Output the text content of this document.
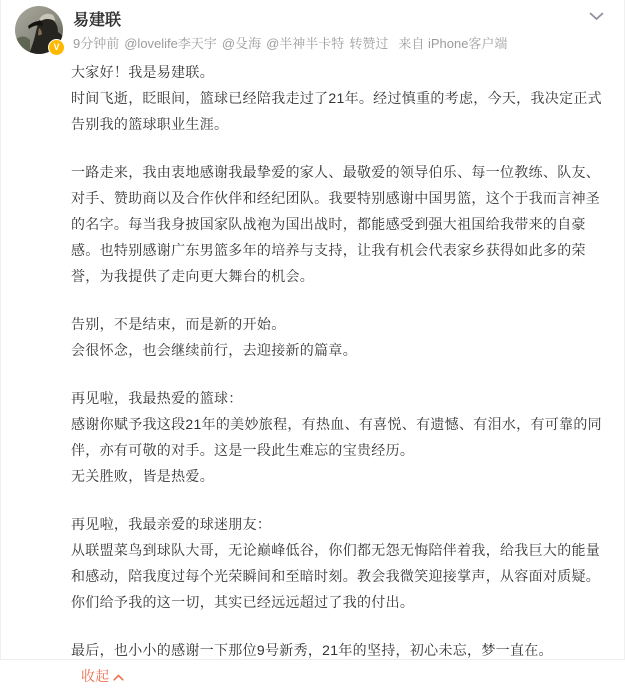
V
易建联
9分钟前 @lovelife李天宇 @殳海 @半神半卡特 转赞过 来自 iPhone客户端

大家好！我是易建联。

时间飞逝，眨眼间，篮球已经陪我走过了21年。经过慎重的考虑，今天，我决定正式告别我的篮球职业生涯。

一路走来，我由衷地感谢我最挚爱的家人、最敬爱的领导伯乐、每一位教练、队友、对手、赞助商以及合作伙伴和经纪团队。我要特别感谢中国男篮，这个于我而言神圣的名字。每当我身披国家队战袍为国出战时，都能感受到强大祖国给我带来的自豪感。也特别感谢广东男篮多年的培养与支持，让我有机会代表家乡获得如此多的荣誉，为我提供了走向更大舞台的机会。

告别，不是结束，而是新的开始。

会很怀念，也会继续前行，去迎接新的篇章。

再见啦，我最热爱的篮球：

感谢你赋予我这段21年的美妙旅程，有热血、有喜悦、有遗憾、有泪水，有可靠的同伴，亦有可敬的对手。这是一段此生难忘的宝贵经历。

无关胜败，皆是热爱。

再见啦，我最亲爱的球迷朋友：

从联盟菜鸟到球队大哥，无论巅峰低谷，你们都无怨无悔陪伴着我，给我巨大的能量和感动，陪我度过每个光荣瞬间和至暗时刻。教会我微笑迎接掌声，从容面对质疑。你们给予我的这一切，其实已经远远超过了我的付出。

最后，也小小的感谢一下那位9号新秀，21年的坚持，初心未忘，梦一直在。
收起
